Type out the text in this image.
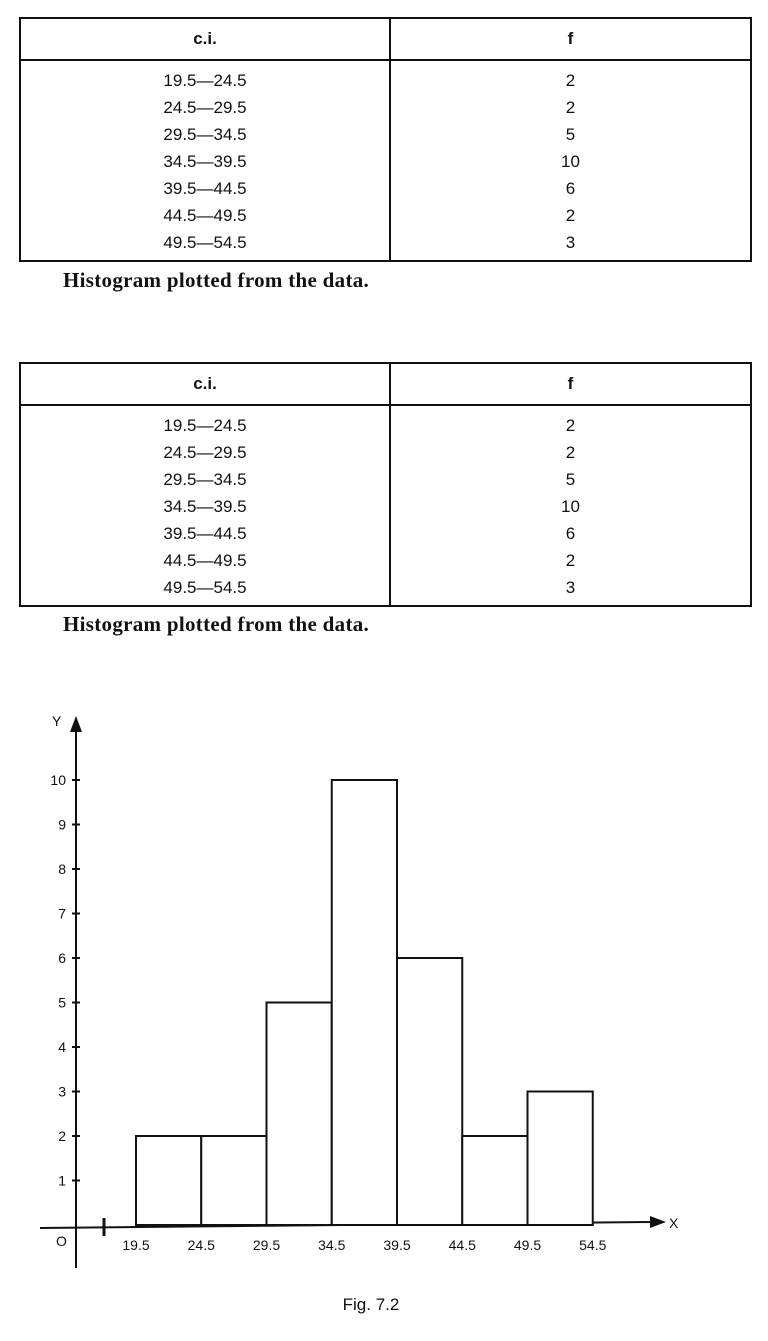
c.i.	f
19.5—24.5	2
24.5—29.5	2
29.5—34.5	5
34.5—39.5	10
39.5—44.5	6
44.5—49.5	2
49.5—54.5	3
Histogram plotted from the data.
c.i.	f
19.5—24.5	2
24.5—29.5	2
29.5—34.5	5
34.5—39.5	10
39.5—44.5	6
44.5—49.5	2
49.5—54.5	3
Histogram plotted from the data.
Y
X
O
1
2
3
4
5
6
7
8
9
10
19.5	24.5	29.5	34.5	39.5	44.5	49.5	54.5
Fig. 7.2
